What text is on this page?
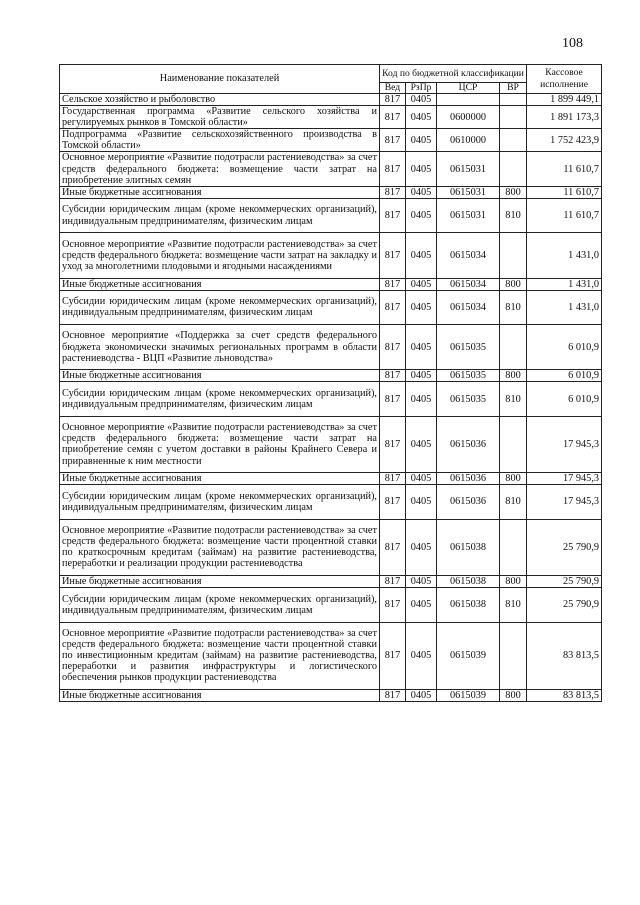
108
Наименование показателей	Код по бюджетной классификации				Кассовое исполнение
	Вед	РзПр	ЦСР	ВР	
Сельское хозяйство и рыболовство	817	0405			1 899 449,1
Государственная программа «Развитие сельского хозяйства и регулируемых рынков в Томской области»	817	0405	0600000		1 891 173,3
Подпрограмма «Развитие сельскохозяйственного производства в Томской области»	817	0405	0610000		1 752 423,9
Основное мероприятие «Развитие подотрасли растениеводства» за счет средств федерального бюджета: возмещение части затрат на приобретение элитных семян	817	0405	0615031		11 610,7
Иные бюджетные ассигнования	817	0405	0615031	800	11 610,7
Субсидии юридическим лицам (кроме некоммерческих организаций), индивидуальным предпринимателям, физическим лицам	817	0405	0615031	810	11 610,7
Основное мероприятие «Развитие подотрасли растениеводства» за счет средств федерального бюджета: возмещение части затрат на закладку и уход за многолетними плодовыми и ягодными насаждениями	817	0405	0615034		1 431,0
Иные бюджетные ассигнования	817	0405	0615034	800	1 431,0
Субсидии юридическим лицам (кроме некоммерческих организаций), индивидуальным предпринимателям, физическим лицам	817	0405	0615034	810	1 431,0
Основное мероприятие «Поддержка за счет средств федерального бюджета экономически значимых региональных программ в области растениеводства - ВЦП «Развитие льноводства»	817	0405	0615035		6 010,9
Иные бюджетные ассигнования	817	0405	0615035	800	6 010,9
Субсидии юридическим лицам (кроме некоммерческих организаций), индивидуальным предпринимателям, физическим лицам	817	0405	0615035	810	6 010,9
Основное мероприятие «Развитие подотрасли растениеводства» за счет средств федерального бюджета: возмещение части затрат на приобретение семян с учетом доставки в районы Крайнего Севера и приравненные к ним местности	817	0405	0615036		17 945,3
Иные бюджетные ассигнования	817	0405	0615036	800	17 945,3
Субсидии юридическим лицам (кроме некоммерческих организаций), индивидуальным предпринимателям, физическим лицам	817	0405	0615036	810	17 945,3
Основное мероприятие «Развитие подотрасли растениеводства» за счет средств федерального бюджета: возмещение части процентной ставки по краткосрочным кредитам (займам) на развитие растениеводства, переработки и реализации продукции растениеводства	817	0405	0615038		25 790,9
Иные бюджетные ассигнования	817	0405	0615038	800	25 790,9
Субсидии юридическим лицам (кроме некоммерческих организаций), индивидуальным предпринимателям, физическим лицам	817	0405	0615038	810	25 790,9
Основное мероприятие «Развитие подотрасли растениеводства» за счет средств федерального бюджета: возмещение части процентной ставки по инвестиционным кредитам (займам) на развитие растениеводства, переработки и развития инфраструктуры и логистического обеспечения рынков продукции растениеводства	817	0405	0615039		83 813,5
Иные бюджетные ассигнования	817	0405	0615039	800	83 813,5
